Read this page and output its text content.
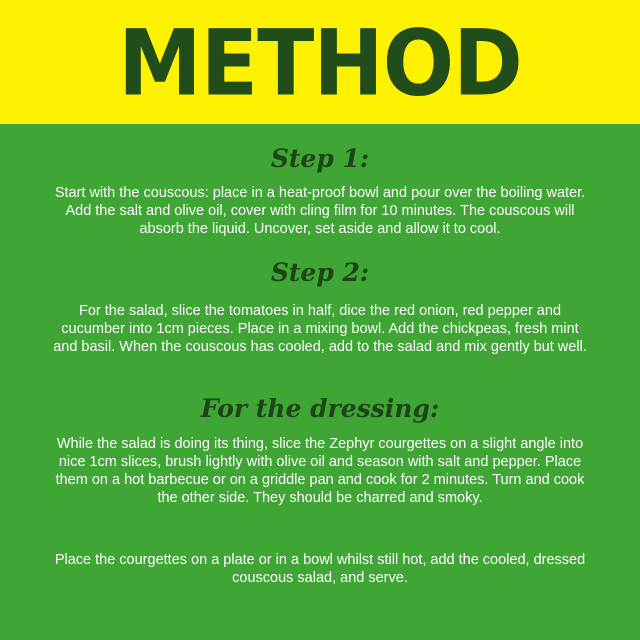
METHOD
Step 1:
Start with the couscous: place in a heat-proof bowl and pour over the boiling water. Add the salt and olive oil, cover with cling film for 10 minutes. The couscous will absorb the liquid. Uncover, set aside and allow it to cool.
Step 2:
For the salad, slice the tomatoes in half, dice the red onion, red pepper and cucumber into 1cm pieces. Place in a mixing bowl. Add the chickpeas, fresh mint and basil. When the couscous has cooled, add to the salad and mix gently but well.
For the dressing:
While the salad is doing its thing, slice the Zephyr courgettes on a slight angle into nice 1cm slices, brush lightly with olive oil and season with salt and pepper. Place them on a hot barbecue or on a griddle pan and cook for 2 minutes. Turn and cook the other side. They should be charred and smoky.
Place the courgettes on a plate or in a bowl whilst still hot, add the cooled, dressed couscous salad, and serve.
